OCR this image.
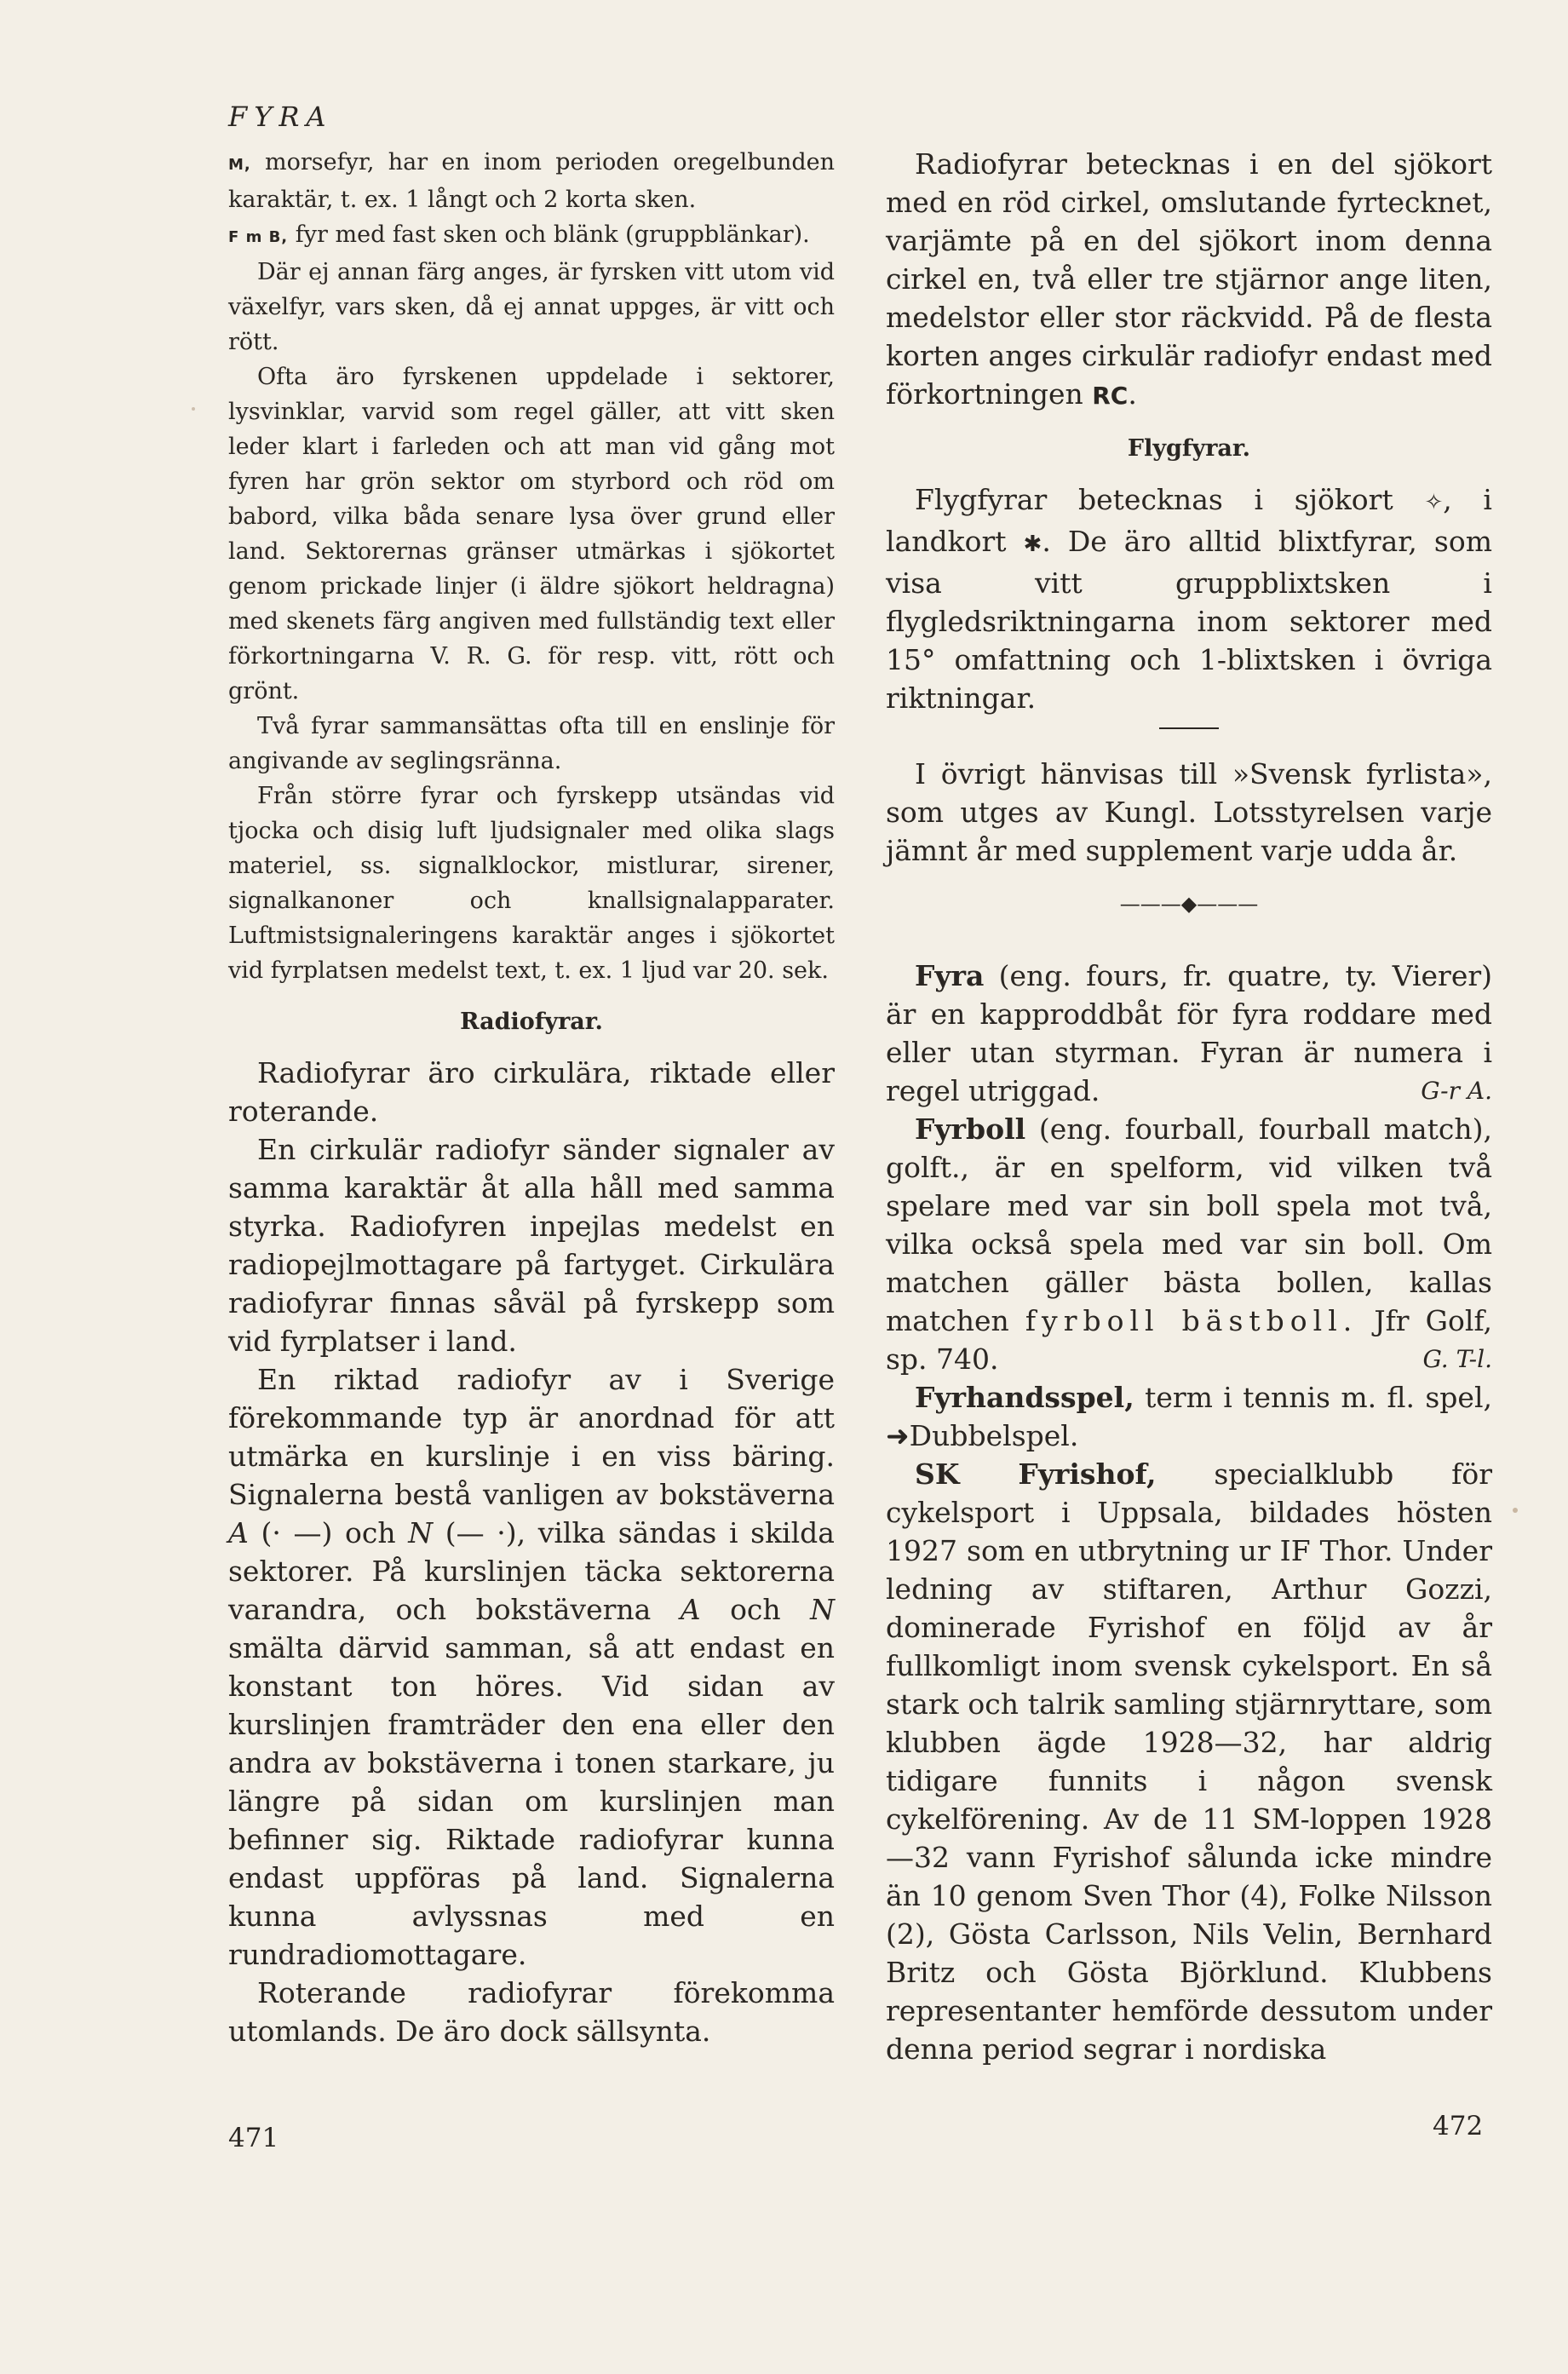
FYRA

M, morsefyr, har en inom perioden oregelbunden karaktär, t. ex. 1 långt och 2 korta sken.

F m B, fyr med fast sken och blänk (gruppblänkar).

Där ej annan färg anges, är fyrsken vitt utom vid växelfyr, vars sken, då ej annat uppges, är vitt och rött.

Ofta äro fyrskenen uppdelade i sektorer, lysvinklar, varvid som regel gäller, att vitt sken leder klart i farleden och att man vid gång mot fyren har grön sektor om styrbord och röd om babord, vilka båda senare lysa över grund eller land. Sektorernas gränser utmärkas i sjökortet genom prickade linjer (i äldre sjökort heldragna) med skenets färg angiven med fullständig text eller förkortningarna V. R. G. för resp. vitt, rött och grönt.

Två fyrar sammansättas ofta till en enslinje för angivande av seglingsränna.

Från större fyrar och fyrskepp utsändas vid tjocka och disig luft ljudsignaler med olika slags materiel, ss. signalklockor, mistlurar, sirener, signalkanoner och knallsignalapparater. Luftmistsignaleringens karaktär anges i sjökortet vid fyrplatsen medelst text, t. ex. 1 ljud var 20. sek.

Radiofyrar.

Radiofyrar äro cirkulära, riktade eller roterande.

En cirkulär radiofyr sänder signaler av samma karaktär åt alla håll med samma styrka. Radiofyren inpejlas medelst en radiopejlmottagare på fartyget. Cirkulära radiofyrar finnas såväl på fyrskepp som vid fyrplatser i land.

En riktad radiofyr av i Sverige förekommande typ är anordnad för att utmärka en kurslinje i en viss bäring. Signalerna bestå vanligen av bokstäverna A (· —) och N (— ·), vilka sändas i skilda sektorer. På kurslinjen täcka sektorerna varandra, och bokstäverna A och N smälta därvid samman, så att endast en konstant ton höres. Vid sidan av kurslinjen framträder den ena eller den andra av bokstäverna i tonen starkare, ju längre på sidan om kurslinjen man befinner sig. Riktade radiofyrar kunna endast uppföras på land. Signalerna kunna avlyssnas med en rundradiomottagare.

Roterande radiofyrar förekomma utomlands. De äro dock sällsynta.

471

Radiofyrar betecknas i en del sjökort med en röd cirkel, omslutande fyrtecknet, varjämte på en del sjökort inom denna cirkel en, två eller tre stjärnor ange liten, medelstor eller stor räckvidd. På de flesta korten anges cirkulär radiofyr endast med förkortningen RC.

Flygfyrar.

Flygfyrar betecknas i sjökort ✧, i landkort ✱. De äro alltid blixtfyrar, som visa vitt gruppblixtsken i flygledsriktningarna inom sektorer med 15° omfattning och 1-blixtsken i övriga riktningar.

I övrigt hänvisas till »Svensk fyrlista», som utges av Kungl. Lotsstyrelsen varje jämnt år med supplement varje udda år.

———◆———

Fyra (eng. fours, fr. quatre, ty. Vierer) är en kapproddbåt för fyra roddare med eller utan styrman. Fyran är numera i regel utriggad.	G-r A.

Fyrboll (eng. fourball, fourball match), golft., är en spelform, vid vilken två spelare med var sin boll spela mot två, vilka också spela med var sin boll. Om matchen gäller bästa bollen, kallas matchen fyrboll bästboll. Jfr Golf, sp. 740.	G. T-l.

Fyrhandsspel, term i tennis m. fl. spel, ➜Dubbelspel.

SK Fyrishof, specialklubb för cykelsport i Uppsala, bildades hösten 1927 som en utbrytning ur IF Thor. Under ledning av stiftaren, Arthur Gozzi, dominerade Fyrishof en följd av år fullkomligt inom svensk cykelsport. En så stark och talrik samling stjärnryttare, som klubben ägde 1928—32, har aldrig tidigare funnits i någon svensk cykelförening. Av de 11 SM-loppen 1928—32 vann Fyrishof sålunda icke mindre än 10 genom Sven Thor (4), Folke Nilsson (2), Gösta Carlsson, Nils Velin, Bernhard Britz och Gösta Björklund. Klubbens representanter hemförde dessutom under denna period segrar i nordiska

472
